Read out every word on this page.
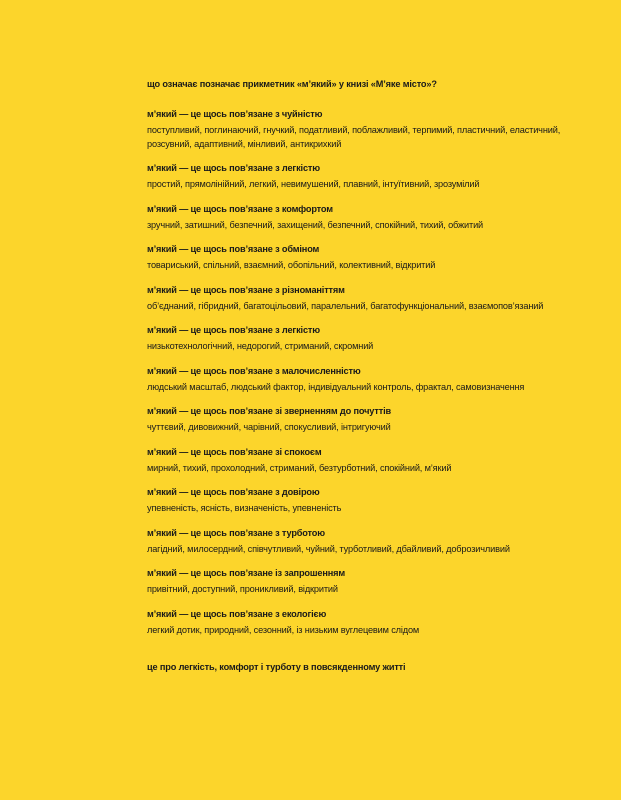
що означає позначає прикметник «м’який» у книзі «М’яке місто»?

м’який — це щось пов’язане з чуйністю

поступливий, поглинаючий, гнучкий, податливий, поблажливий, терпимий, пластичний, еластичний, розсувний, адаптивний, мінливий, антикрихкий

м’який — це щось пов’язане з легкістю

простий, прямолінійний, легкий, невимушений, плавний, інтуїтивний, зрозумілий

м’який — це щось пов’язане з комфортом

зручний, затишний, безпечний, захищений, безпечний, спокійний, тихий, обжитий

м’який — це щось пов’язане з обміном

товариський, спільний, взаємний, обопільний, колективний, відкритий

м’який — це щось пов’язане з різноманіттям

об’єднаний, гібридний, багатоцільовий, паралельний, багатофункціональний, взаємопов’язаний

м’який — це щось пов’язане з легкістю

низькотехнологічний, недорогий, стриманий, скромний

м’який — це щось пов’язане з малочисленністю

людський масштаб, людський фактор, індивідуальний контроль, фрактал, самовизначення

м’який — це щось пов’язане зі зверненням до почуттів

чуттєвий, дивовижний, чарівний, спокусливий, інтригуючий

м’який — це щось пов’язане зі спокоєм

мирний, тихий, прохолодний, стриманий, безтурботний, спокійний, м’який

м’який — це щось пов’язане з довірою

упевненість, ясність, визначеність, упевненість

м’який — це щось пов’язане з турботою

лагідний, милосердний, співчутливий, чуйний, турботливий, дбайливий, доброзичливий

м’який — це щось пов’язане із запрошенням

привітний, доступний, проникливий, відкритий

м’який — це щось пов’язане з екологією

легкий дотик, природний, сезонний, із низьким вуглецевим слідом

це про легкість, комфорт і турботу в повсякденному житті
